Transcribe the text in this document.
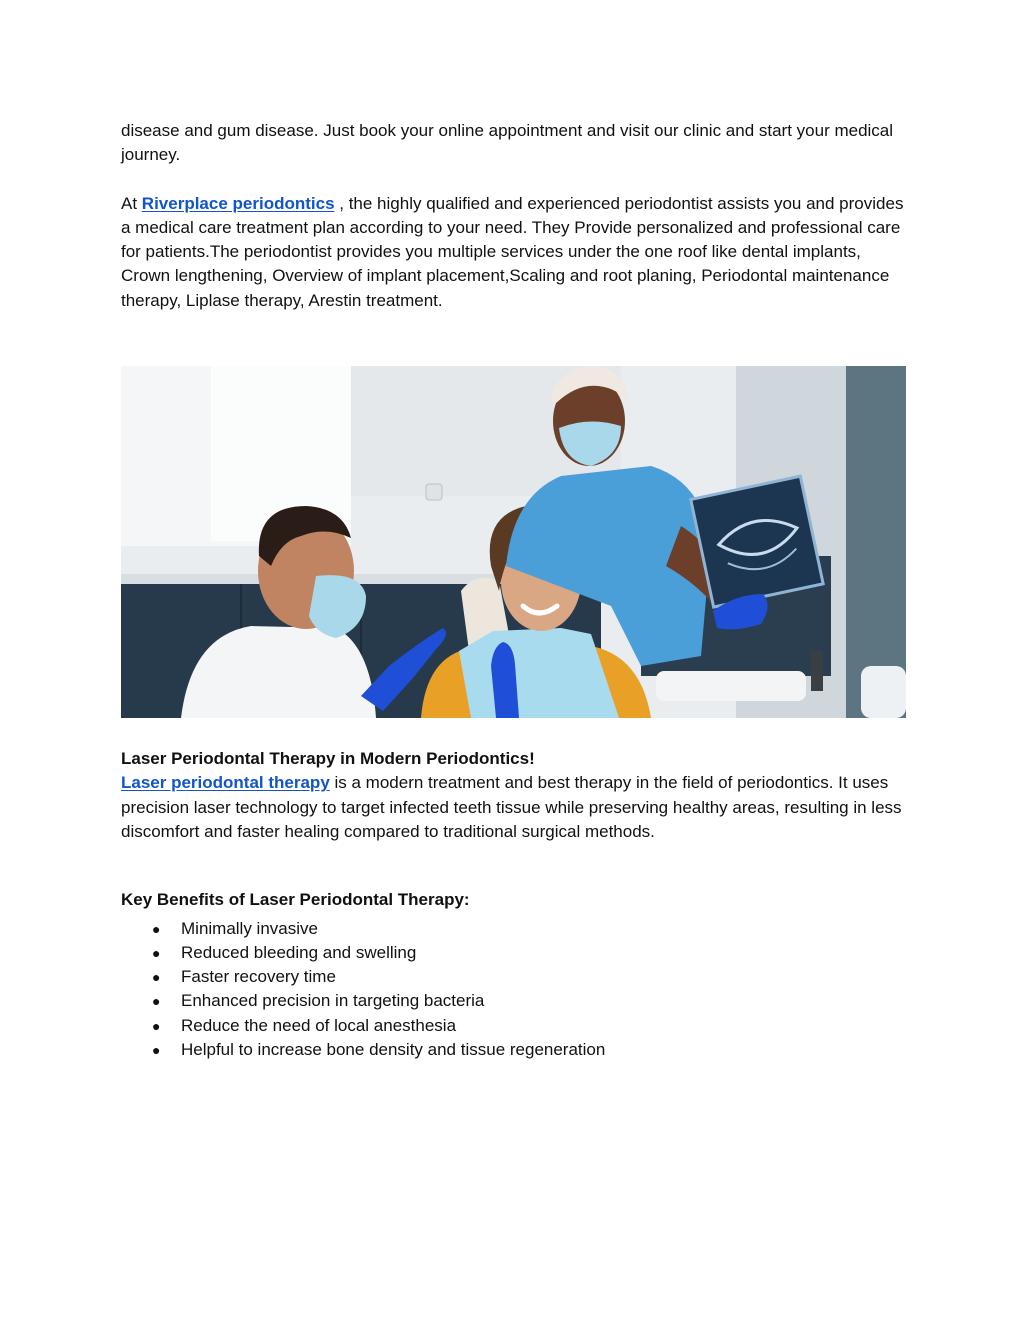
disease and gum disease. Just book your online appointment and visit our clinic and start your medical journey.

At Riverplace periodontics , the highly qualified and experienced periodontist assists you and provides a medical care treatment plan according to your need. They Provide personalized and professional care for patients.The periodontist provides you multiple services under the one roof like dental implants, Crown lengthening, Overview of implant placement,Scaling and root planing, Periodontal maintenance therapy, Liplase therapy, Arestin treatment.

Laser Periodontal Therapy in Modern Periodontics!

Laser periodontal therapy is a modern treatment and best therapy in the field of periodontics. It uses precision laser technology to target infected teeth tissue while preserving healthy areas, resulting in less discomfort and faster healing compared to traditional surgical methods.

Key Benefits of Laser Periodontal Therapy:
● Minimally invasive
● Reduced bleeding and swelling
● Faster recovery time
● Enhanced precision in targeting bacteria
● Reduce the need of local anesthesia
● Helpful to increase bone density and tissue regeneration
